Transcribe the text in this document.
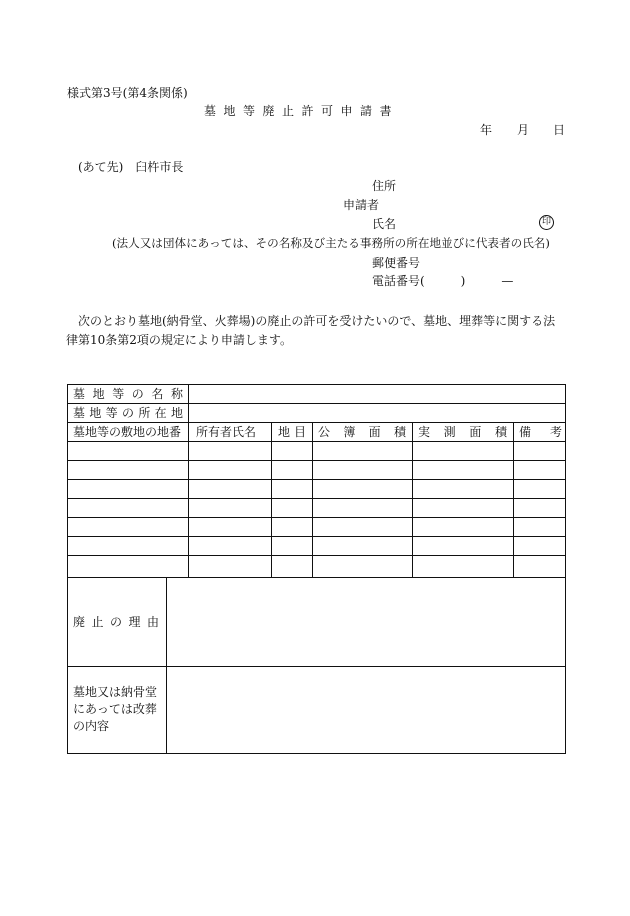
様式第3号(第4条関係)
墓地等廃止許可申請書
年 月 日
(あて先)　臼杵市長
住所
申請者
氏名	印
(法人又は団体にあっては、その名称及び主たる事務所の所在地並びに代表者の氏名)
郵便番号
電話番号(　　　)　　　—
次のとおり墓地(納骨堂、火葬場)の廃止の許可を受けたいので、墓地、埋葬等に関する法律第10条第2項の規定により申請します。
墓 地 等 の 名 称
墓 地 等 の 所 在 地
墓地等の敷地の地番 所有者氏名 地 目 公 簿 面 積 実 測 面 積 備 考
廃 止 の 理 由
墓地又は納骨堂
にあっては改葬
の内容
